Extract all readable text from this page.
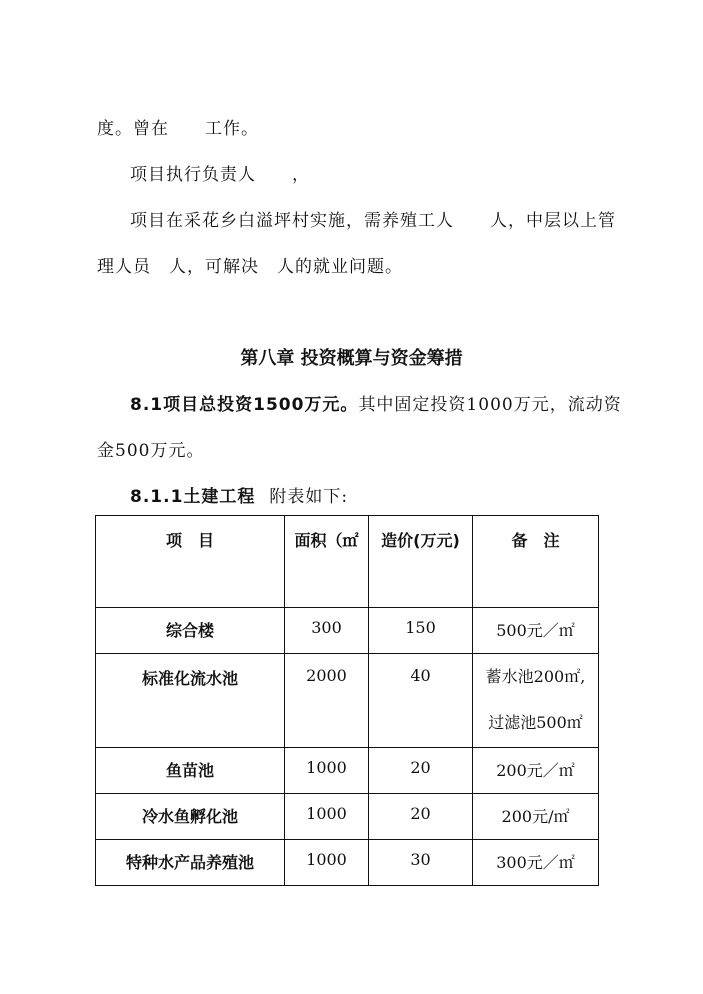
度。曾在　　工作。
项目执行负责人　　，
项目在采花乡白溢坪村实施，需养殖工人　　人，中层以上管
理人员　人，可解决　人的就业问题。
第八章 投资概算与资金筹措
8.1项目总投资1500万元。其中固定投资1000万元，流动资
金500万元。
8.1.1土建工程 附表如下:
项　目	面积（㎡	造价(万元)	备　注
综合楼	300	150	500元／㎡
标准化流水池	2000	40	蓄水池200㎡,
过滤池500㎡

鱼苗池	1000	20	200元／㎡
冷水鱼孵化池	1000	20	200元/㎡
特种水产品养殖池	1000	30	300元／㎡
